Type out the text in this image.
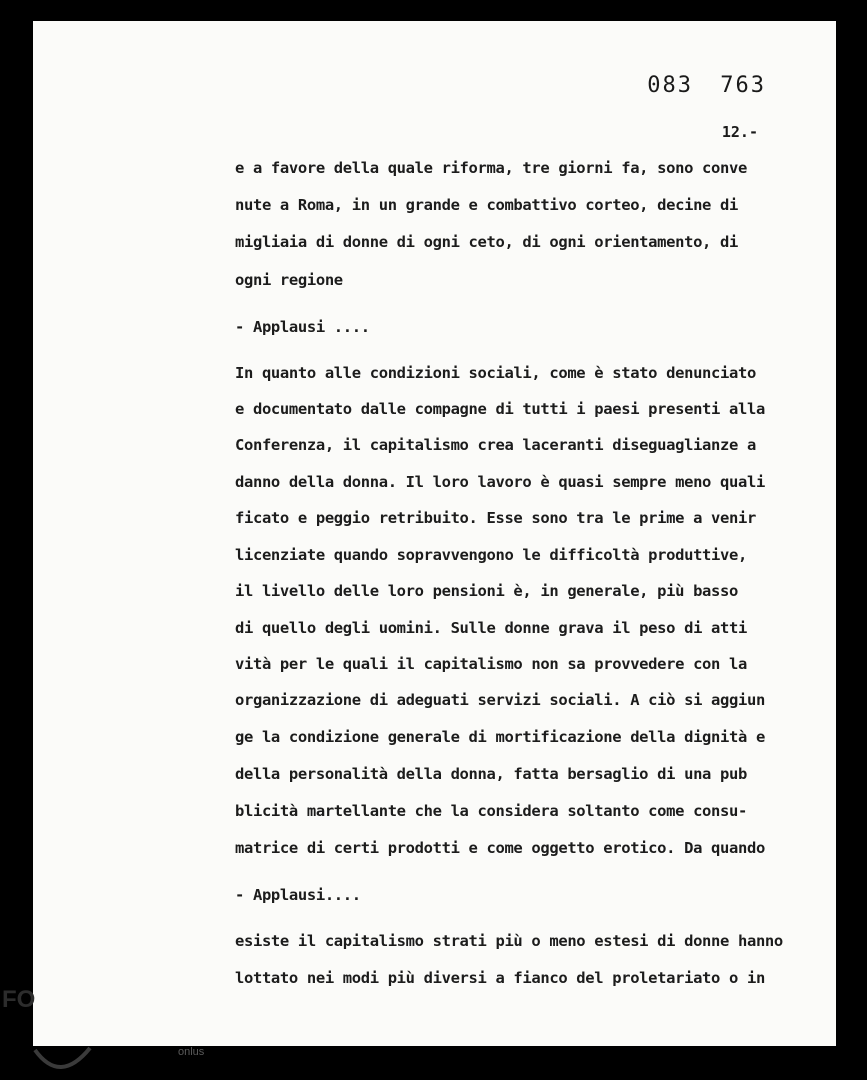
083 763
12.-
e a favore della quale riforma, tre giorni fa, sono conve
nute a Roma, in un grande e combattivo corteo, decine di
migliaia di donne di ogni ceto, di ogni orientamento, di
ogni regione
- Applausi ....
In quanto alle condizioni sociali, come è stato denunciato
e documentato dalle compagne di tutti i paesi presenti alla
Conferenza, il capitalismo crea laceranti diseguaglianze a
danno della donna. Il loro lavoro è quasi sempre meno quali
ficato e peggio retribuito. Esse sono tra le prime a venir
licenziate quando sopravvengono le difficoltà produttive,
il livello delle loro pensioni è, in generale, più basso
di quello degli uomini. Sulle donne grava il peso di atti
vità per le quali il capitalismo non sa provvedere con la
organizzazione di adeguati servizi sociali. A ciò si aggiun
ge la condizione generale di mortificazione della dignità e
della personalità della donna, fatta bersaglio di una pub
blicità martellante che la considera soltanto come consu-
matrice di certi prodotti e come oggetto erotico. Da quando
- Applausi....
esiste il capitalismo strati più o meno estesi di donne hanno
lottato nei modi più diversi a fianco del proletariato o in
FO
onlus
